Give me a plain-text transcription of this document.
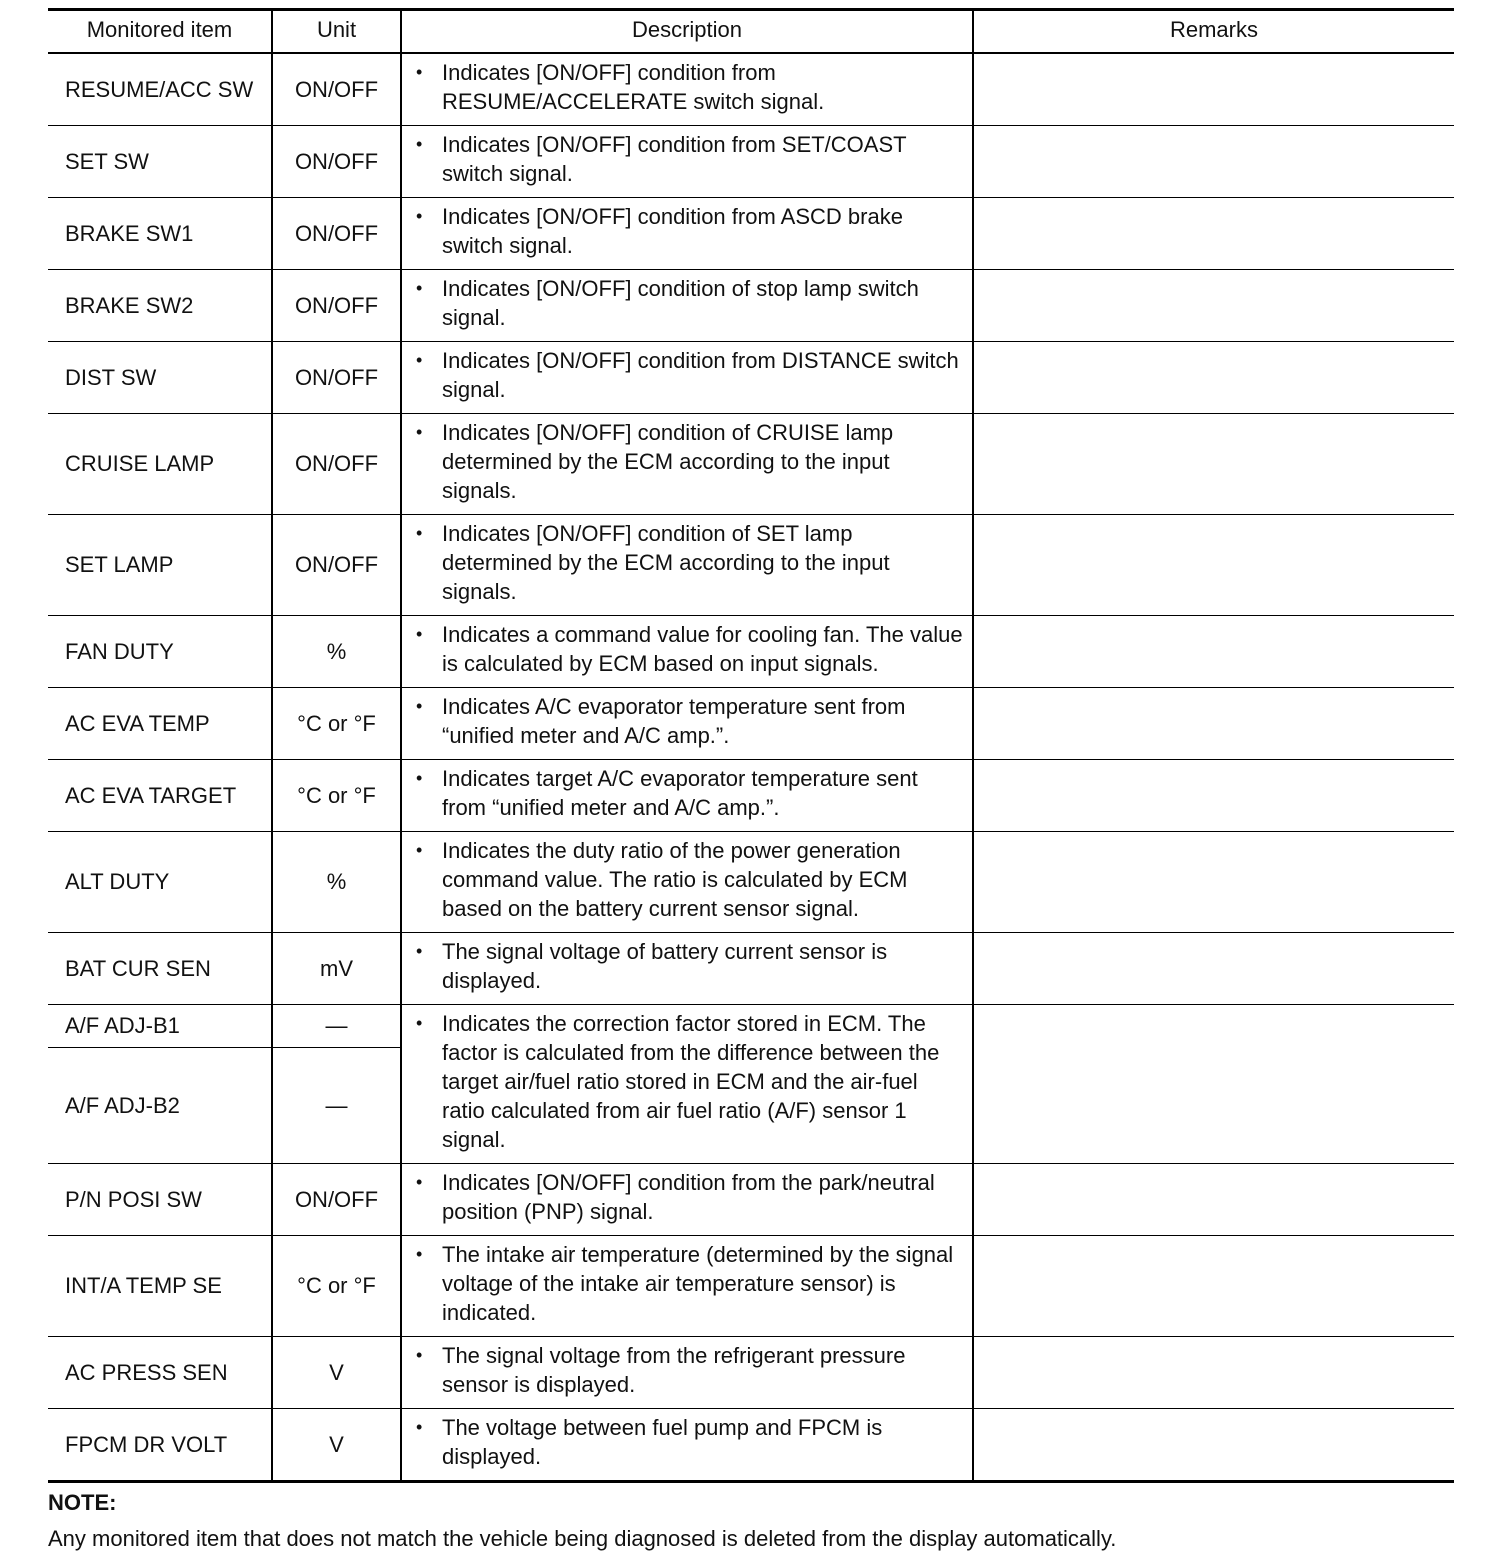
Monitored item	Unit	Description	Remarks
RESUME/ACC SW	ON/OFF	• Indicates [ON/OFF] condition from RESUME/ACCELERATE switch signal.	

SET SW	ON/OFF	• Indicates [ON/OFF] condition from SET/COAST switch signal.	

BRAKE SW1	ON/OFF	• Indicates [ON/OFF] condition from ASCD brake switch signal.	

BRAKE SW2	ON/OFF	• Indicates [ON/OFF] condition of stop lamp switch signal.	

DIST SW	ON/OFF	• Indicates [ON/OFF] condition from DISTANCE switch signal.	

CRUISE LAMP	ON/OFF	• Indicates [ON/OFF] condition of CRUISE lamp determined by the ECM according to the input signals.	

SET LAMP	ON/OFF	• Indicates [ON/OFF] condition of SET lamp determined by the ECM according to the input signals.	

FAN DUTY	%	• Indicates a command value for cooling fan. The value is calculated by ECM based on input signals.	

AC EVA TEMP	°C or °F	• Indicates A/C evaporator temperature sent from “unified meter and A/C amp.”.	

AC EVA TARGET	°C or °F	• Indicates target A/C evaporator temperature sent from “unified meter and A/C amp.”.	

ALT DUTY	%	• Indicates the duty ratio of the power generation command value. The ratio is calculated by ECM based on the battery current sensor signal.	

BAT CUR SEN	mV	• The signal voltage of battery current sensor is displayed.	

A/F ADJ-B1	—	• Indicates the correction factor stored in ECM. The factor is calculated from the difference between the target air/fuel ratio stored in ECM and the air-fuel ratio calculated from air fuel ratio (A/F) sensor 1 signal.	

A/F ADJ-B2	—		
P/N POSI SW	ON/OFF	• Indicates [ON/OFF] condition from the park/neutral position (PNP) signal.	

INT/A TEMP SE	°C or °F	• The intake air temperature (determined by the signal voltage of the intake air temperature sensor) is indicated.	

AC PRESS SEN	V	• The signal voltage from the refrigerant pressure sensor is displayed.	

FPCM DR VOLT	V	• The voltage between fuel pump and FPCM is displayed.	

NOTE:
Any monitored item that does not match the vehicle being diagnosed is deleted from the display automatically.
